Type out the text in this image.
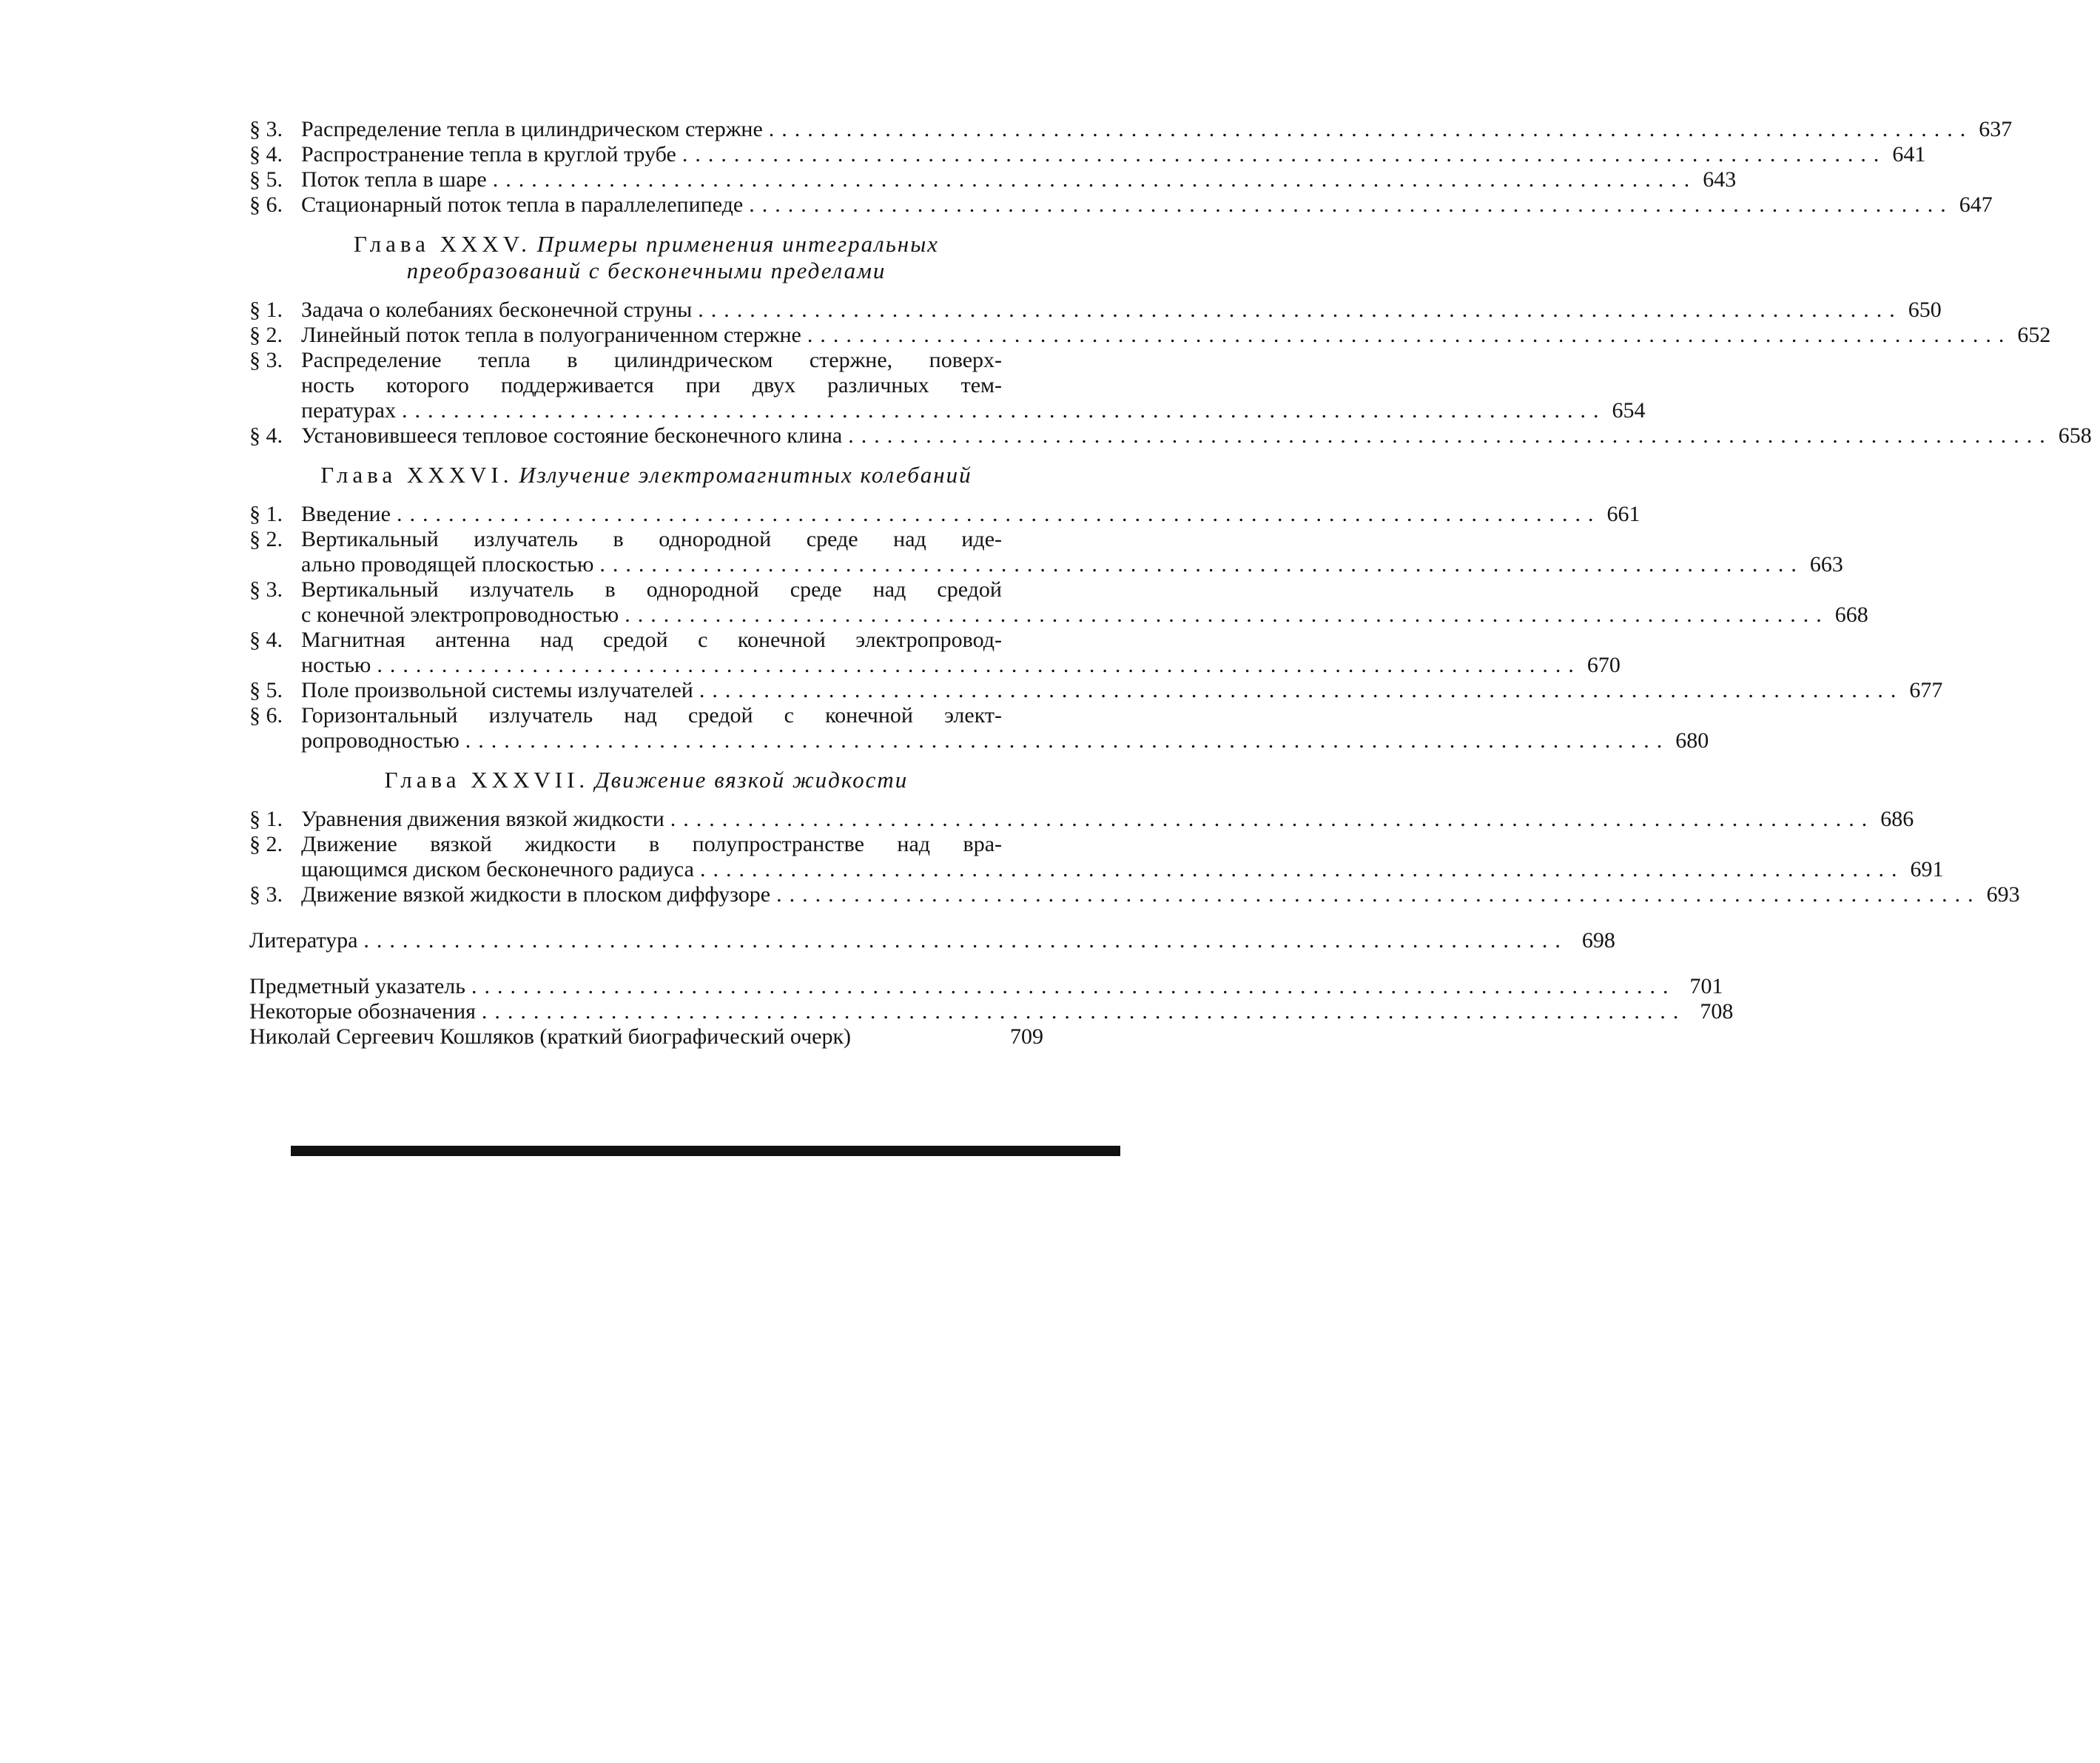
§ 3. Распределение тепла в цилиндрическом стержне ............................................................................................. 637
§ 4. Распространение тепла в круглой трубе ............................................................................................. 641
§ 5. Поток тепла в шаре ............................................................................................. 643
§ 6. Стационарный поток тепла в параллелепипеде ............................................................................................. 647
Глава XXXV. Примеры применения интегральных
преобразований с бесконечными пределами
§ 1. Задача о колебаниях бесконечной струны ............................................................................................. 650
§ 2. Линейный поток тепла в полуограниченном стержне ............................................................................................. 652
§ 3. Распределение тепла в цилиндрическом стержне, поверх-
ность которого поддерживается при двух различных тем-
пературах ............................................................................................. 654
§ 4. Установившееся тепловое состояние бесконечного клина ............................................................................................. 658
Глава XXXVI. Излучение электромагнитных колебаний
§ 1. Введение ............................................................................................. 661
§ 2. Вертикальный излучатель в однородной среде над иде-
ально проводящей плоскостью ............................................................................................. 663
§ 3. Вертикальный излучатель в однородной среде над средой
с конечной электропроводностью ............................................................................................. 668
§ 4. Магнитная антенна над средой с конечной электропровод-
ностью ............................................................................................. 670
§ 5. Поле произвольной системы излучателей ............................................................................................. 677
§ 6. Горизонтальный излучатель над средой с конечной элект-
ропроводностью ............................................................................................. 680
Глава XXXVII. Движение вязкой жидкости
§ 1. Уравнения движения вязкой жидкости ............................................................................................. 686
§ 2. Движение вязкой жидкости в полупространстве над вра-
щающимся диском бесконечного радиуса ............................................................................................. 691
§ 3. Движение вязкой жидкости в плоском диффузоре ............................................................................................. 693
Литература ............................................................................................. 698
Предметный указатель ............................................................................................. 701
Некоторые обозначения ............................................................................................. 708
Николай Сергеевич Кошляков (краткий биографический очерк)	709
